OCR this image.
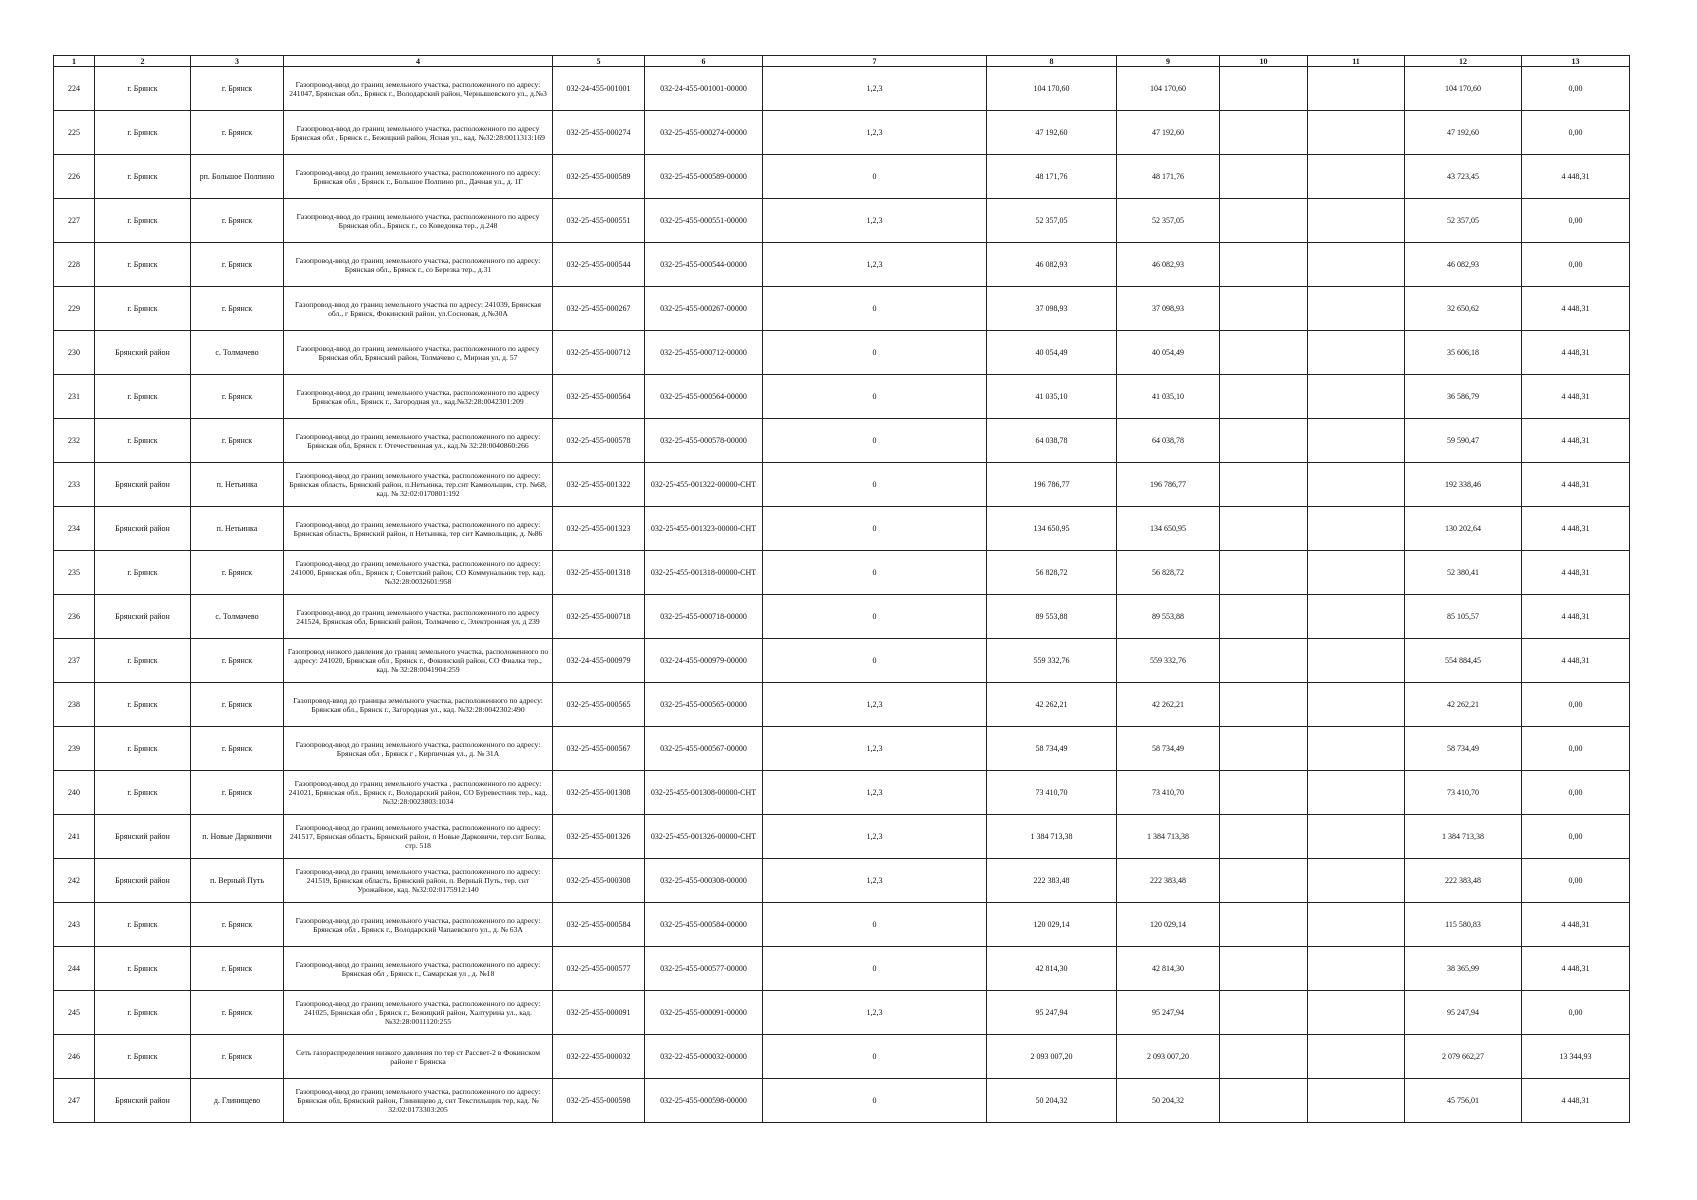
1	2	3	4	5	6	7	8	9	10	11	12	13
224	г. Брянск	г. Брянск	Газопровод-ввод до границ земельного участка, расположенного по адресу: 241047, Брянская обл., Брянск г., Володарский район, Чернышевского ул., д.№3	032-24-455-001001	032-24-455-001001-00000	1,2,3	104 170,60	104 170,60			104 170,60	0,00
225	г. Брянск	г. Брянск	Газопровод-ввод до границ земельного участка, расположенного по адресу Брянская обл , Брянск г., Бежицкий район, Ясная ул., кад. №32:28:0011313:169	032-25-455-000274	032-25-455-000274-00000	1,2,3	47 192,60	47 192,60			47 192,60	0,00
226	г. Брянск	рп. Большое Полпино	Газопровод-ввод до границ земельного участка, расположенного по адресу: Брянская обл , Брянск г., Большое Полпино рп., Дачная ул., д. 1Г	032-25-455-000589	032-25-455-000589-00000	0	48 171,76	48 171,76			43 723,45	4 448,31
227	г. Брянск	г. Брянск	Газопровод-ввод до границ земельного участка, расположенного по адресу Брянская обл., Брянск г., со Коведовка тер., д.248	032-25-455-000551	032-25-455-000551-00000	1,2,3	52 357,05	52 357,05			52 357,05	0,00
228	г. Брянск	г. Брянск	Газопровод-ввод до границ земельного участка, расположенного по адресу: Брянская обл., Брянск г., со Березка тер., д.31	032-25-455-000544	032-25-455-000544-00000	1,2,3	46 082,93	46 082,93			46 082,93	0,00
229	г. Брянск	г. Брянск	Газопровод-ввод до границ земельного участка по адресу: 241039, Брянская обл., г Брянск, Фокинский район, ул.Сосновая, д.№30А	032-25-455-000267	032-25-455-000267-00000	0	37 098,93	37 098,93			32 650,62	4 448,31
230	Брянский район	с. Толмачево	Газопровод-ввод до границ земельного участка, расположенного по адресу Брянская обл, Брянский район, Толмачево с, Мирная ул, д. 57	032-25-455-000712	032-25-455-000712-00000	0	40 054,49	40 054,49			35 606,18	4 448,31
231	г. Брянск	г. Брянск	Газопровод-ввод до границ земельного участка, расположенного по адресу Брянская обл., Брянск г., Загородная ул., кад.№32:28:0042301:209	032-25-455-000564	032-25-455-000564-00000	0	41 035,10	41 035,10			36 586,79	4 448,31
232	г. Брянск	г. Брянск	Газопровод-ввод до границ земельного участка, расположенного по адресу: Брянская обл, Брянск г. Отечественная ул., кад.№ 32:28:0040860:266	032-25-455-000578	032-25-455-000578-00000	0	64 038,78	64 038,78			59 590,47	4 448,31
233	Брянский район	п. Нетьинка	Газопровод-ввод до границ земельного участка, расположенного по адресу: Брянская область, Брянский район, п.Нетьинка, тер.снт Камвольщик, стр. №68, кад. № 32:02:0170801:192	032-25-455-001322	032-25-455-001322-00000-СНТ	0	196 786,77	196 786,77			192 338,46	4 448,31
234	Брянский район	п. Нетьинка	Газопровод-ввод до границ земельного участка, расположенного по адресу: Брянская область, Брянский район, п Нетьинка, тер снт Камвольщик, д. №86	032-25-455-001323	032-25-455-001323-00000-СНТ	0	134 650,95	134 650,95			130 202,64	4 448,31
235	г. Брянск	г. Брянск	Газопровод-ввод до границ земельного участка, расположенного по адресу: 241000, Брянская обл., Брянск г, Советский район, СО Коммунальник тер, кад. №32:28:0032601:958	032-25-455-001318	032-25-455-001318-00000-СНТ	0	56 828,72	56 828,72			52 380,41	4 448,31
236	Брянский район	с. Толмачево	Газопровод-ввод до границ земельного участка, расположенного по адресу 241524, Брянская обл, Брянский район, Толмачево с, Электронная ул, д 239	032-25-455-000718	032-25-455-000718-00000	0	89 553,88	89 553,88			85 105,57	4 448,31
237	г. Брянск	г. Брянск	Газопровод низкого давления до границ земельного участка, расположенного по адресу: 241020, Брянская обл , Брянск г., Фокинский район, СО Фиалка тер., кад. № 32:28:0041904:259	032-24-455-000979	032-24-455-000979-00000	0	559 332,76	559 332,76			554 884,45	4 448,31
238	г. Брянск	г. Брянск	Газопровод-ввод до границы земельного участка, расположенного по адресу: Брянская обл., Брянск г., Загородная ул., кад. №32:28:0042302:490	032-25-455-000565	032-25-455-000565-00000	1,2,3	42 262,21	42 262,21			42 262,21	0,00
239	г. Брянск	г. Брянск	Газопровод-ввод до границ земельного участка, расположенного по адресу: Брянская обл , Брянск г , Кирпичная ул., д. № 31А	032-25-455-000567	032-25-455-000567-00000	1,2,3	58 734,49	58 734,49			58 734,49	0,00
240	г. Брянск	г. Брянск	Газопровод-ввод до границ земельного участка , расположенного по адресу: 241021, Брянская обл., Брянск г., Володарский район, СО Буревестник тер., кад. №32:28:0023803:1034	032-25-455-001308	032-25-455-001308-00000-СНТ	1,2,3	73 410,70	73 410,70			73 410,70	0,00
241	Брянский район	п. Новые Дарковичи	Газопровод-ввод до границ земельного участка, расположенного по адресу: 241517, Брянская область, Брянский район, п Новые Дарковичи, тер.снт Болва, стр. 518	032-25-455-001326	032-25-455-001326-00000-СНТ	1,2,3	1 384 713,38	1 384 713,38			1 384 713,38	0,00
242	Брянский район	п. Верный Путь	Газопровод-ввод до границ земельного участка, расположенного по адресу: 241519, Брянская область, Брянский район, п. Верный Путь, тер. снт Урожайное, кад. №32:02:0175912:140	032-25-455-000308	032-25-455-000308-00000	1,2,3	222 383,48	222 383,48			222 383,48	0,00
243	г. Брянск	г. Брянск	Газопровод-ввод до границ земельного участка, расположенного по адресу: Брянская обл , Брянск г., Володарский Чапаевского ул., д. № 63А	032-25-455-000584	032-25-455-000584-00000	0	120 029,14	120 029,14			115 580,83	4 448,31
244	г. Брянск	г. Брянск	Газопровод-ввод до границ земельного участка, расположенного по адресу: Брянская обл , Брянск г., Самарская ул , д. №18	032-25-455-000577	032-25-455-000577-00000	0	42 814,30	42 814,30			38 365,99	4 448,31
245	г. Брянск	г. Брянск	Газопровод-ввод до границ земельного участка, расположенного по адресу: 241025, Брянская обл , Брянск г., Бежицкий район, Халтурина ул., кад. №32:28:0011120:255	032-25-455-000091	032-25-455-000091-00000	1,2,3	95 247,94	95 247,94			95 247,94	0,00
246	г. Брянск	г. Брянск	Сеть газораспределения низкого давления по тер ст Рассвет-2 в Фокинском районе г Брянска	032-22-455-000032	032-22-455-000032-00000	0	2 093 007,20	2 093 007,20			2 079 662,27	13 344,93
247	Брянский район	д. Глинищево	Газопровод-ввод до границ земельного участка, расположенного по адресу: Брянская обл, Брянский район, Глинищево д, снт Текстильщик тер, кад. № 32:02:0173303:205	032-25-455-000598	032-25-455-000598-00000	0	50 204,32	50 204,32			45 756,01	4 448,31
